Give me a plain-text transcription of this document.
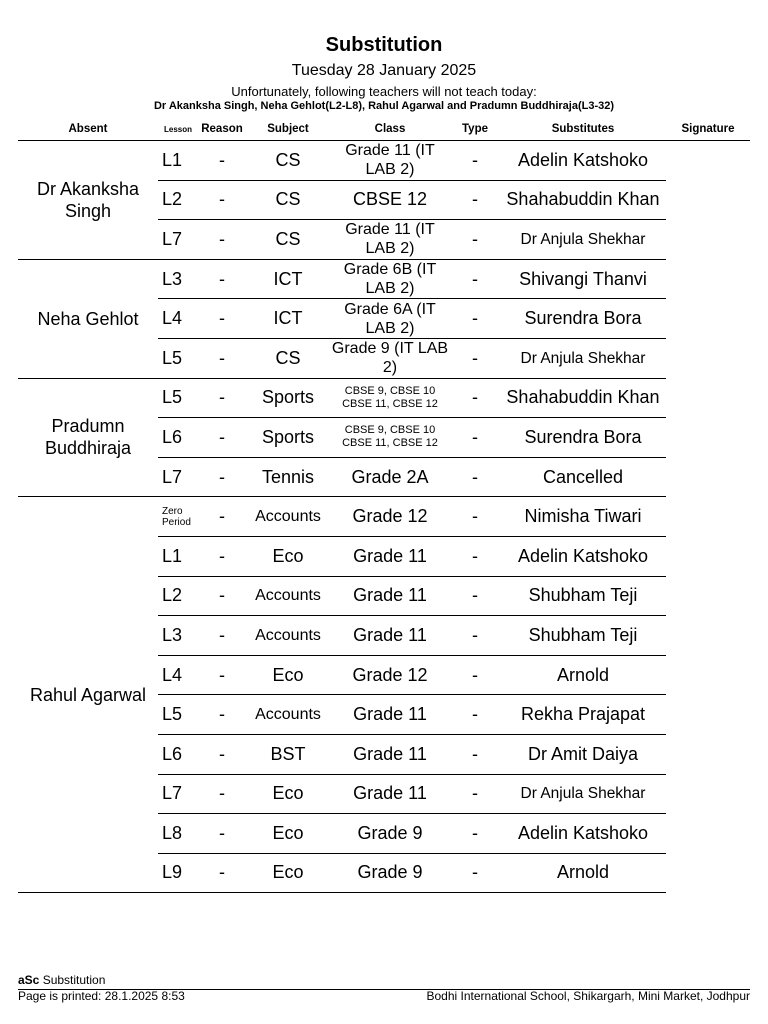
Substitution
Tuesday 28 January 2025
Unfortunately, following teachers will not teach today:
Dr Akanksha Singh, Neha Gehlot(L2-L8), Rahul Agarwal and Pradumn Buddhiraja(L3-32)
Absent	Lesson	Reason	Subject	Class	Type	Substitutes	Signature
Dr Akanksha Singh	L1	-	CS	Grade 11 (IT LAB 2)	-	Adelin Katshoko	
	L2	-	CS	CBSE 12	-	Shahabuddin Khan	
	L7	-	CS	Grade 11 (IT LAB 2)	-	Dr Anjula Shekhar	
Neha Gehlot	L3	-	ICT	Grade 6B (IT LAB 2)	-	Shivangi Thanvi	
	L4	-	ICT	Grade 6A (IT LAB 2)	-	Surendra Bora	
	L5	-	CS	Grade 9 (IT LAB 2)	-	Dr Anjula Shekhar	
Pradumn Buddhiraja	L5	-	Sports	CBSE 9, CBSE 10 CBSE 11, CBSE 12	-	Shahabuddin Khan	
	L6	-	Sports	CBSE 9, CBSE 10 CBSE 11, CBSE 12	-	Surendra Bora	
	L7	-	Tennis	Grade 2A	-	Cancelled	
Rahul Agarwal	Zero Period	-	Accounts	Grade 12	-	Nimisha Tiwari	
	L1	-	Eco	Grade 11	-	Adelin Katshoko	
	L2	-	Accounts	Grade 11	-	Shubham Teji	
	L3	-	Accounts	Grade 11	-	Shubham Teji	
	L4	-	Eco	Grade 12	-	Arnold	
	L5	-	Accounts	Grade 11	-	Rekha Prajapat	
	L6	-	BST	Grade 11	-	Dr Amit Daiya	
	L7	-	Eco	Grade 11	-	Dr Anjula Shekhar	
	L8	-	Eco	Grade 9	-	Adelin Katshoko	
	L9	-	Eco	Grade 9	-	Arnold	
aSc Substitution
Page is printed: 28.1.2025 8:53	Bodhi International School, Shikargarh, Mini Market, Jodhpur
